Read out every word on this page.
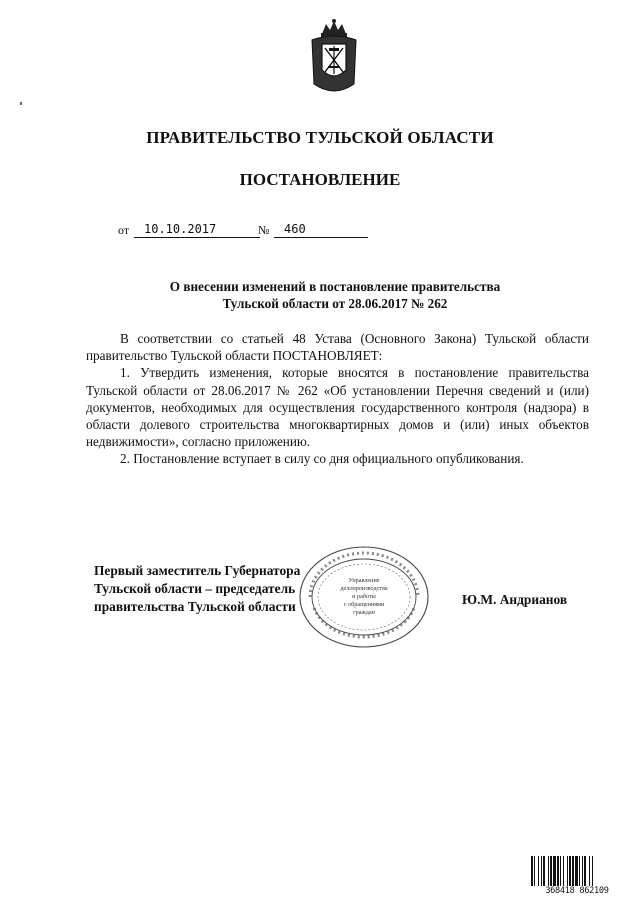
ПРАВИТЕЛЬСТВО ТУЛЬСКОЙ ОБЛАСТИ
ПОСТАНОВЛЕНИЕ
от	10.10.2017	№	460
О внесении изменений в постановление правительства
Тульской области от 28.06.2017 № 262

В соответствии со статьей 48 Устава (Основного Закона) Тульской области правительство Тульской области ПОСТАНОВЛЯЕТ:

1. Утвердить изменения, которые вносятся в постановление правительства Тульской области от 28.06.2017 № 262 «Об установлении Перечня сведений и (или) документов, необходимых для осуществления государственного контроля (надзора) в области долевого строительства многоквартирных домов и (или) иных объектов недвижимости», согласно приложению.

2. Постановление вступает в силу со дня официального опубликования.

Первый заместитель Губернатора
Тульской области – председатель
правительства Тульской области
Управление
делопроизводства
и работы
с обращениями
граждан
Ю.М. Андрианов
368418 862109
